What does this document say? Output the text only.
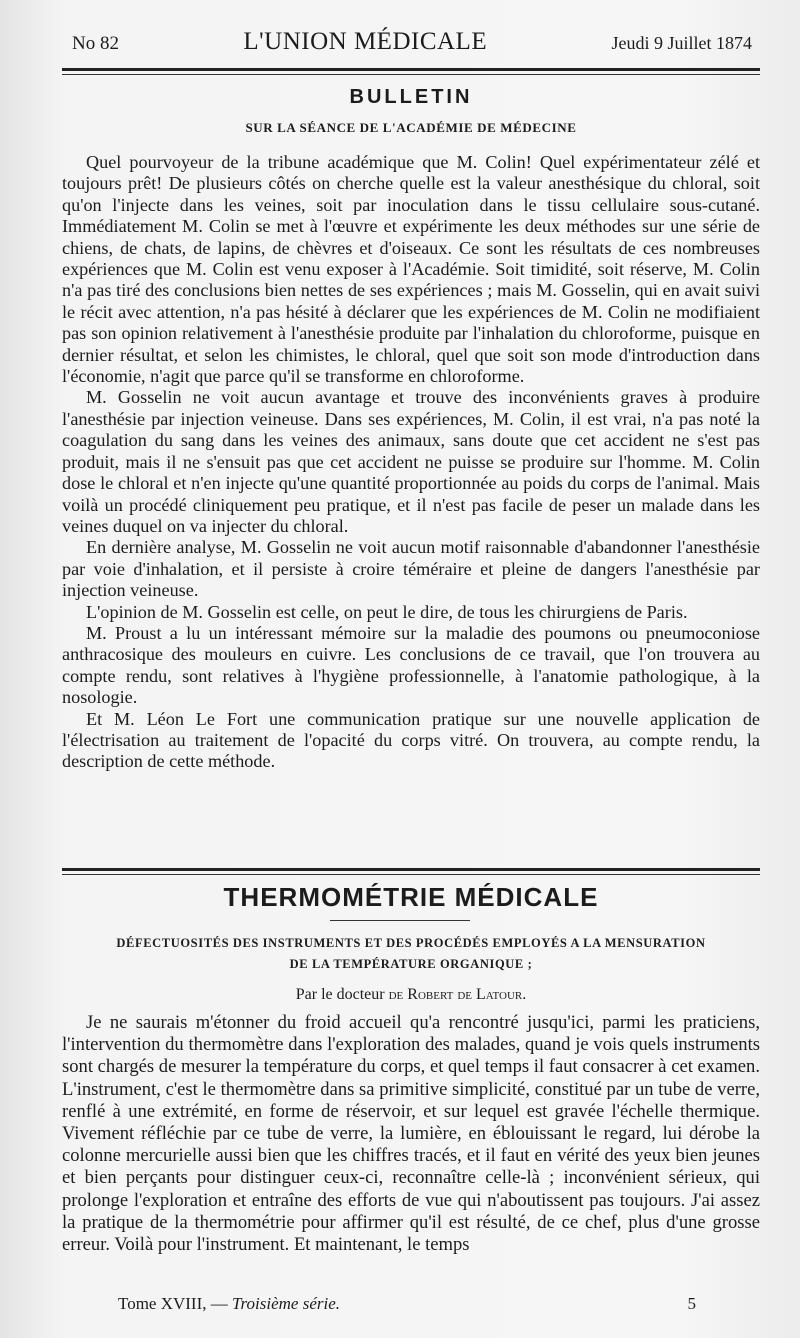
No 82	L'UNION MÉDICALE	Jeudi 9 Juillet 1874
BULLETIN
SUR LA SÉANCE DE L'ACADÉMIE DE MÉDECINE

Quel pourvoyeur de la tribune académique que M. Colin! Quel expérimentateur zélé et toujours prêt! De plusieurs côtés on cherche quelle est la valeur anesthésique du chloral, soit qu'on l'injecte dans les veines, soit par inoculation dans le tissu cellulaire sous-cutané. Immédiatement M. Colin se met à l'œuvre et expérimente les deux méthodes sur une série de chiens, de chats, de lapins, de chèvres et d'oiseaux. Ce sont les résultats de ces nombreuses expériences que M. Colin est venu exposer à l'Académie. Soit timidité, soit réserve, M. Colin n'a pas tiré des conclusions bien nettes de ses expériences ; mais M. Gosselin, qui en avait suivi le récit avec attention, n'a pas hésité à déclarer que les expériences de M. Colin ne modifiaient pas son opinion relativement à l'anesthésie produite par l'inhalation du chloroforme, puisque en dernier résultat, et selon les chimistes, le chloral, quel que soit son mode d'introduction dans l'économie, n'agit que parce qu'il se transforme en chloroforme.

M. Gosselin ne voit aucun avantage et trouve des inconvénients graves à produire l'anesthésie par injection veineuse. Dans ses expériences, M. Colin, il est vrai, n'a pas noté la coagulation du sang dans les veines des animaux, sans doute que cet accident ne s'est pas produit, mais il ne s'ensuit pas que cet accident ne puisse se produire sur l'homme. M. Colin dose le chloral et n'en injecte qu'une quantité proportionnée au poids du corps de l'animal. Mais voilà un procédé cliniquement peu pratique, et il n'est pas facile de peser un malade dans les veines duquel on va injecter du chloral.

En dernière analyse, M. Gosselin ne voit aucun motif raisonnable d'abandonner l'anesthésie par voie d'inhalation, et il persiste à croire téméraire et pleine de dangers l'anesthésie par injection veineuse.

L'opinion de M. Gosselin est celle, on peut le dire, de tous les chirurgiens de Paris.

M. Proust a lu un intéressant mémoire sur la maladie des poumons ou pneumoconiose anthracosique des mouleurs en cuivre. Les conclusions de ce travail, que l'on trouvera au compte rendu, sont relatives à l'hygiène professionnelle, à l'anatomie pathologique, à la nosologie.

Et M. Léon Le Fort une communication pratique sur une nouvelle application de l'électrisation au traitement de l'opacité du corps vitré. On trouvera, au compte rendu, la description de cette méthode.

THERMOMÉTRIE MÉDICALE
DÉFECTUOSITÉS DES INSTRUMENTS ET DES PROCÉDÉS EMPLOYÉS A LA MENSURATION
DE LA TEMPÉRATURE ORGANIQUE ;
Par le docteur de Robert de Latour.

Je ne saurais m'étonner du froid accueil qu'a rencontré jusqu'ici, parmi les praticiens, l'intervention du thermomètre dans l'exploration des malades, quand je vois quels instruments sont chargés de mesurer la température du corps, et quel temps il faut consacrer à cet examen. L'instrument, c'est le thermomètre dans sa primitive simplicité, constitué par un tube de verre, renflé à une extrémité, en forme de réservoir, et sur lequel est gravée l'échelle thermique. Vivement réfléchie par ce tube de verre, la lumière, en éblouissant le regard, lui dérobe la colonne mercurielle aussi bien que les chiffres tracés, et il faut en vérité des yeux bien jeunes et bien perçants pour distinguer ceux-ci, reconnaître celle-là ; inconvénient sérieux, qui prolonge l'exploration et entraîne des efforts de vue qui n'aboutissent pas toujours. J'ai assez la pratique de la thermométrie pour affirmer qu'il est résulté, de ce chef, plus d'une grosse erreur. Voilà pour l'instrument. Et maintenant, le temps

Tome XVIII, — Troisième série.	5
